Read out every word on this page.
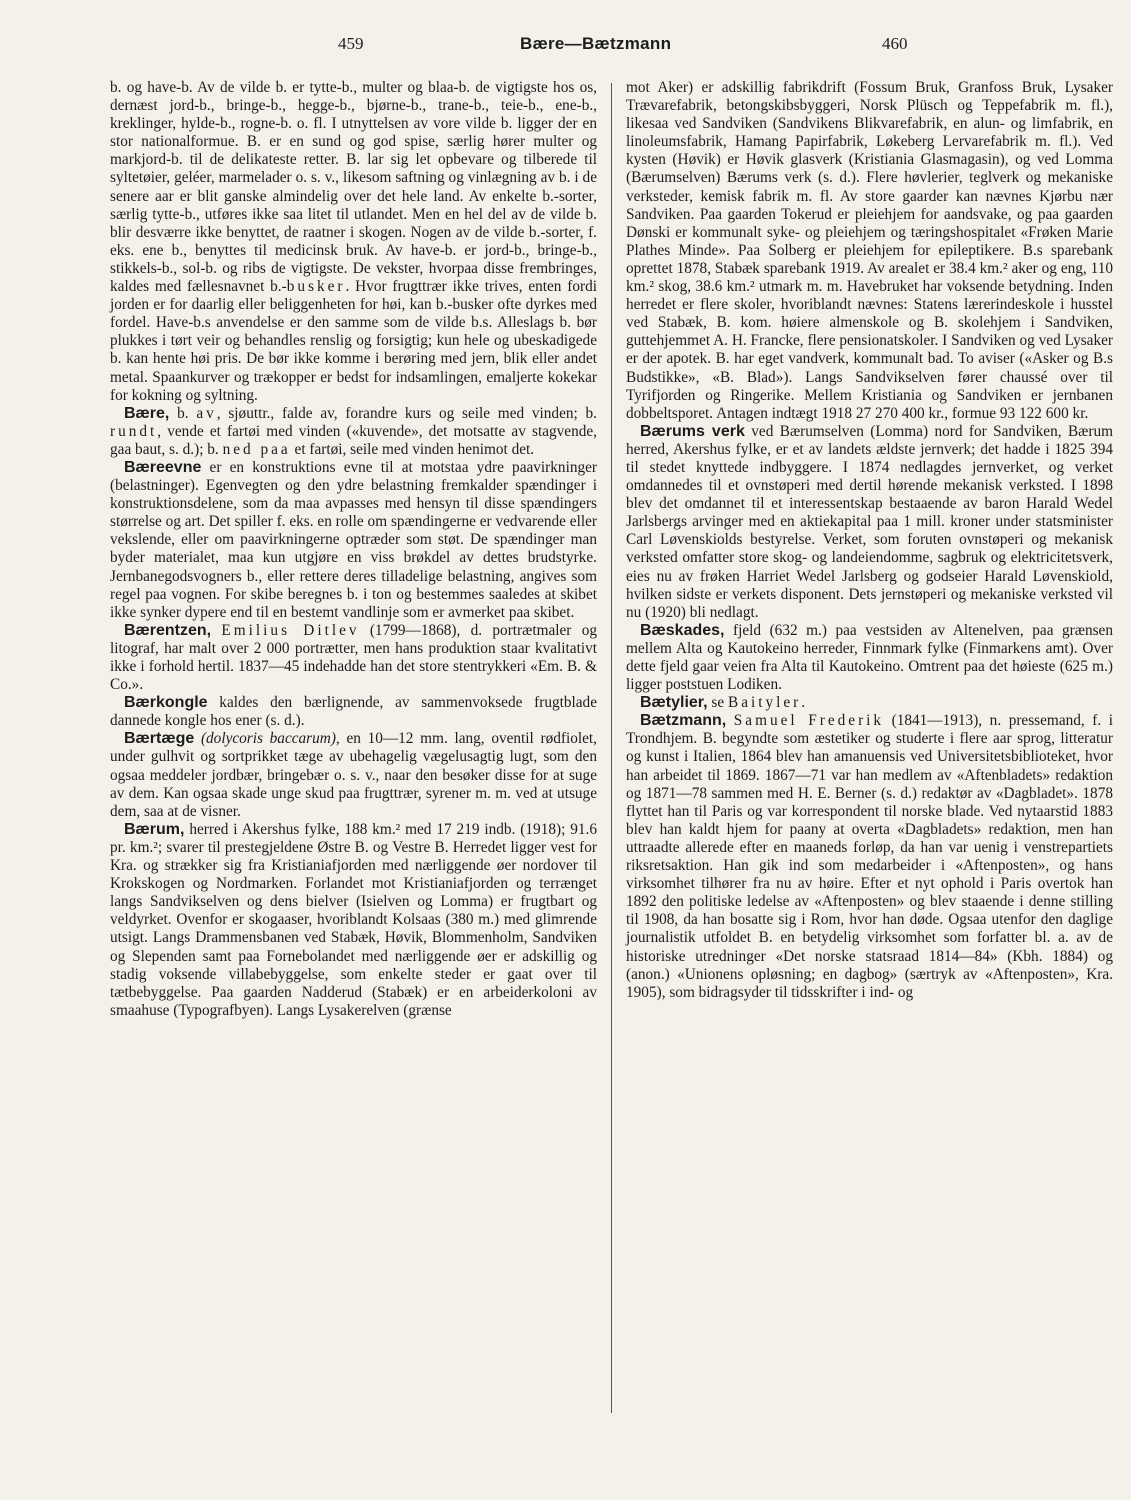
459	Bære—Bætzmann	460

b. og have-b. Av de vilde b. er tytte-b., multer og blaa-b. de vigtigste hos os, dernæst jord-b., bringe-b., hegge-b., bjørne-b., trane-b., teie-b., ene-b., kreklinger, hylde-b., rogne-b. o. fl. I utnyttelsen av vore vilde b. ligger der en stor nationalformue. B. er en sund og god spise, særlig hører multer og markjord-b. til de delikateste retter. B. lar sig let opbevare og tilberede til syltetøier, geléer, marmelader o. s. v., likesom saftning og vinlægning av b. i de senere aar er blit ganske almindelig over det hele land. Av enkelte b.-sorter, særlig tytte-b., utføres ikke saa litet til utlandet. Men en hel del av de vilde b. blir desværre ikke benyttet, de raatner i skogen. Nogen av de vilde b.-sorter, f. eks. ene b., benyttes til medicinsk bruk. Av have-b. er jord-b., bringe-b., stikkels-b., sol-b. og ribs de vigtigste. De vekster, hvorpaa disse frembringes, kaldes med fællesnavnet b.-busker. Hvor frugttrær ikke trives, enten fordi jorden er for daarlig eller beliggenheten for høi, kan b.-busker ofte dyrkes med fordel. Have-b.s anvendelse er den samme som de vilde b.s. Alleslags b. bør plukkes i tørt veir og behandles renslig og forsigtig; kun hele og ubeskadigede b. kan hente høi pris. De bør ikke komme i berøring med jern, blik eller andet metal. Spaankurver og trækopper er bedst for indsamlingen, emaljerte kokekar for kokning og syltning.

Bære, b. av, sjøuttr., falde av, forandre kurs og seile med vinden; b. rundt, vende et fartøi med vinden («kuvende», det motsatte av stagvende, gaa baut, s. d.); b. ned paa et fartøi, seile med vinden henimot det.

Bæreevne er en konstruktions evne til at motstaa ydre paavirkninger (belastninger). Egenvegten og den ydre belastning fremkalder spændinger i konstruktionsdelene, som da maa avpasses med hensyn til disse spændingers størrelse og art. Det spiller f. eks. en rolle om spændingerne er vedvarende eller vekslende, eller om paavirkningerne optræder som støt. De spændinger man byder materialet, maa kun utgjøre en viss brøkdel av dettes brudstyrke. Jernbanegodsvogners b., eller rettere deres tilladelige belastning, angives som regel paa vognen. For skibe beregnes b. i ton og bestemmes saaledes at skibet ikke synker dypere end til en bestemt vandlinje som er avmerket paa skibet.

Bærentzen, Emilius Ditlev (1799—1868), d. portrætmaler og litograf, har malt over 2 000 portrætter, men hans produktion staar kvalitativt ikke i forhold hertil. 1837—45 indehadde han det store stentrykkeri «Em. B. & Co.».

Bærkongle kaldes den bærlignende, av sammenvoksede frugtblade dannede kongle hos ener (s. d.).

Bærtæge (dolycoris baccarum), en 10—12 mm. lang, oventil rødfiolet, under gulhvit og sortprikket tæge av ubehagelig vægelusagtig lugt, som den ogsaa meddeler jordbær, bringebær o. s. v., naar den besøker disse for at suge av dem. Kan ogsaa skade unge skud paa frugttrær, syrener m. m. ved at utsuge dem, saa at de visner.

Bærum, herred i Akershus fylke, 188 km.² med 17 219 indb. (1918); 91.6 pr. km.²; svarer til prestegjeldene Østre B. og Vestre B. Herredet ligger vest for Kra. og strækker sig fra Kristianiafjorden med nærliggende øer nordover til Krokskogen og Nordmarken. Forlandet mot Kristianiafjorden og terrænget langs Sandvikselven og dens bielver (Isielven og Lomma) er frugtbart og veldyrket. Ovenfor er skogaaser, hvoriblandt Kolsaas (380 m.) med glimrende utsigt. Langs Drammensbanen ved Stabæk, Høvik, Blommenholm, Sandviken og Slependen samt paa Fornebolandet med nærliggende øer er adskillig og stadig voksende villabebyggelse, som enkelte steder er gaat over til tætbebyggelse. Paa gaarden Nadderud (Stabæk) er en arbeiderkoloni av smaahuse (Typografbyen). Langs Lysakerelven (grænse

mot Aker) er adskillig fabrikdrift (Fossum Bruk, Granfoss Bruk, Lysaker Trævarefabrik, betongskibsbyggeri, Norsk Plüsch og Teppefabrik m. fl.), likesaa ved Sandviken (Sandvikens Blikvarefabrik, en alun- og limfabrik, en linoleumsfabrik, Hamang Papirfabrik, Løkeberg Lervarefabrik m. fl.). Ved kysten (Høvik) er Høvik glasverk (Kristiania Glasmagasin), og ved Lomma (Bærumselven) Bærums verk (s. d.). Flere høvlerier, teglverk og mekaniske verksteder, kemisk fabrik m. fl. Av store gaarder kan nævnes Kjørbu nær Sandviken. Paa gaarden Tokerud er pleiehjem for aandsvake, og paa gaarden Dønski er kommunalt syke- og pleiehjem og tæringshospitalet «Frøken Marie Plathes Minde». Paa Solberg er pleiehjem for epileptikere. B.s sparebank oprettet 1878, Stabæk sparebank 1919. Av arealet er 38.4 km.² aker og eng, 110 km.² skog, 38.6 km.² utmark m. m. Havebruket har voksende betydning. Inden herredet er flere skoler, hvoriblandt nævnes: Statens lærerindeskole i husstel ved Stabæk, B. kom. høiere almenskole og B. skolehjem i Sandviken, guttehjemmet A. H. Francke, flere pensionatskoler. I Sandviken og ved Lysaker er der apotek. B. har eget vandverk, kommunalt bad. To aviser («Asker og B.s Budstikke», «B. Blad»). Langs Sandvikselven fører chaussé over til Tyrifjorden og Ringerike. Mellem Kristiania og Sandviken er jernbanen dobbeltsporet. Antagen indtægt 1918 27 270 400 kr., formue 93 122 600 kr.

Bærums verk ved Bærumselven (Lomma) nord for Sandviken, Bærum herred, Akershus fylke, er et av landets ældste jernverk; det hadde i 1825 394 til stedet knyttede indbyggere. I 1874 nedlagdes jernverket, og verket omdannedes til et ovnstøperi med dertil hørende mekanisk verksted. I 1898 blev det omdannet til et interessentskap bestaaende av baron Harald Wedel Jarlsbergs arvinger med en aktiekapital paa 1 mill. kroner under statsminister Carl Løvenskiolds bestyrelse. Verket, som foruten ovnstøperi og mekanisk verksted omfatter store skog- og landeiendomme, sagbruk og elektricitetsverk, eies nu av frøken Harriet Wedel Jarlsberg og godseier Harald Løvenskiold, hvilken sidste er verkets disponent. Dets jernstøperi og mekaniske verksted vil nu (1920) bli nedlagt.

Bæskades, fjeld (632 m.) paa vestsiden av Altenelven, paa grænsen mellem Alta og Kautokeino herreder, Finnmark fylke (Finmarkens amt). Over dette fjeld gaar veien fra Alta til Kautokeino. Omtrent paa det høieste (625 m.) ligger poststuen Lodiken.

Bætylier, se Baityler.

Bætzmann, Samuel Frederik (1841—1913), n. pressemand, f. i Trondhjem. B. begyndte som æstetiker og studerte i flere aar sprog, litteratur og kunst i Italien, 1864 blev han amanuensis ved Universitetsbiblioteket, hvor han arbeidet til 1869. 1867—71 var han medlem av «Aftenbladets» redaktion og 1871—78 sammen med H. E. Berner (s. d.) redaktør av «Dagbladet». 1878 flyttet han til Paris og var korrespondent til norske blade. Ved nytaarstid 1883 blev han kaldt hjem for paany at overta «Dagbladets» redaktion, men han uttraadte allerede efter en maaneds forløp, da han var uenig i venstrepartiets riksretsaktion. Han gik ind som medarbeider i «Aftenposten», og hans virksomhet tilhører fra nu av høire. Efter et nyt ophold i Paris overtok han 1892 den politiske ledelse av «Aftenposten» og blev staaende i denne stilling til 1908, da han bosatte sig i Rom, hvor han døde. Ogsaa utenfor den daglige journalistik utfoldet B. en betydelig virksomhet som forfatter bl. a. av de historiske utredninger «Det norske statsraad 1814—84» (Kbh. 1884) og (anon.) «Unionens opløsning; en dagbog» (særtryk av «Aftenposten», Kra. 1905), som bidragsyder til tidsskrifter i ind- og
